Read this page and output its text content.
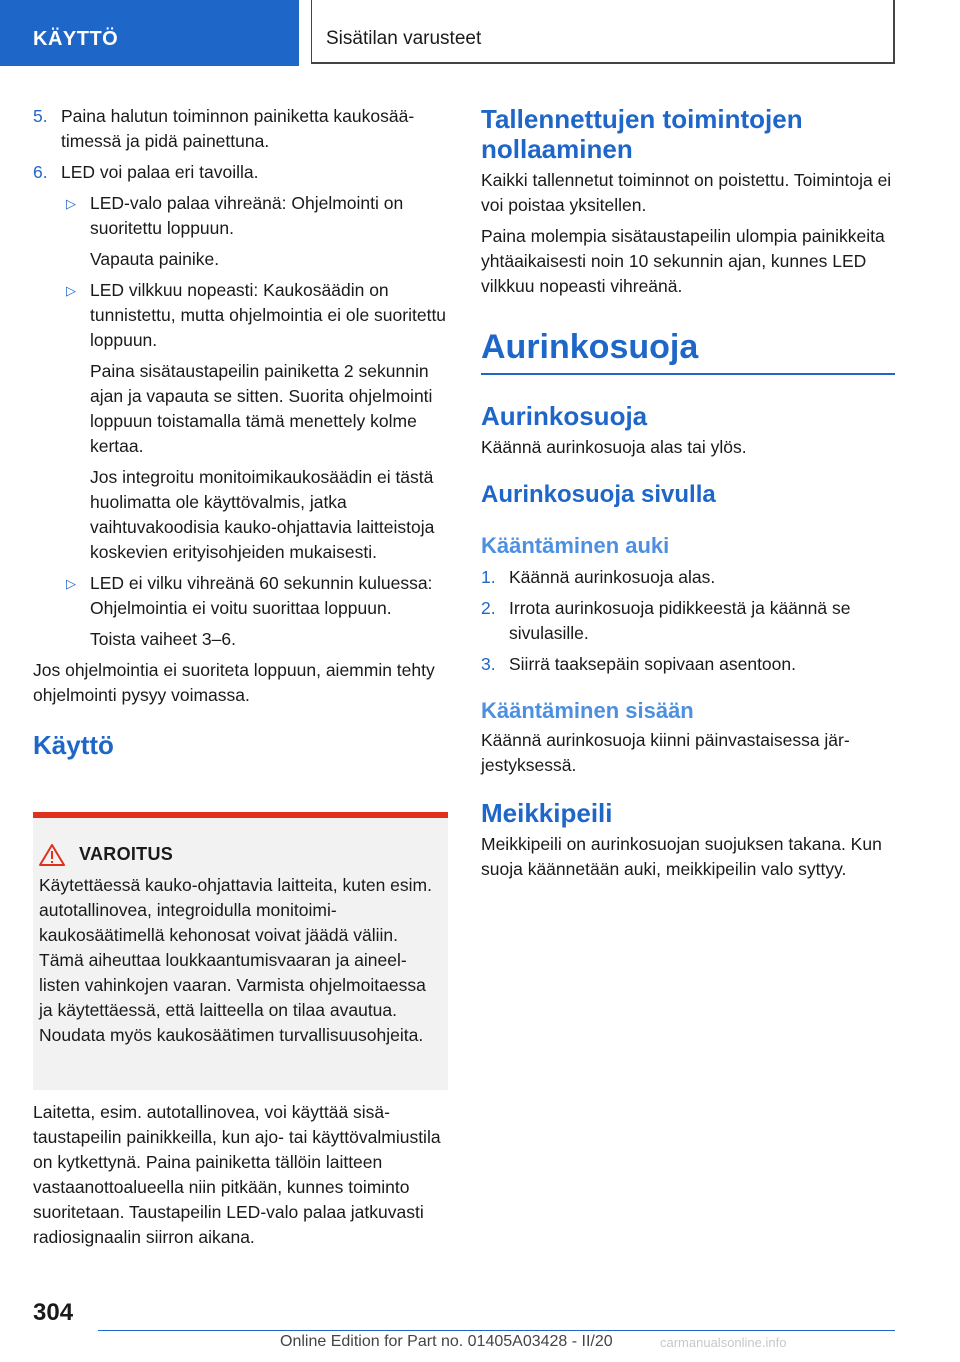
KÄYTTÖ	Sisätilan varusteet
5. Paina halutun toiminnon painiketta kaukosäätimessä ja pidä painettuna.
6. LED voi palaa eri tavoilla.
▷ LED-valo palaa vihreänä: Ohjelmointi on suoritettu loppuun.

Vapauta painike.

▷ LED vilkkuu nopeasti: Kaukosäädin on tunnistettu, mutta ohjelmointia ei ole suoritettu loppuun.

Paina sisätaustapeilin painiketta 2 sekunnin ajan ja vapauta se sitten. Suorita ohjelmointi loppuun toistamalla tämä menettely kolme kertaa.

Jos integroitu monitoimikaukosäädin ei tästä huolimatta ole käyttövalmis, jatka vaihtuvakoodisia kauko-ohjattavia laitteistoja koskevien erityisohjeiden mukaisesti.

▷ LED ei vilku vihreänä 60 sekunnin kuluessa: Ohjelmointia ei voitu suorittaa loppuun.

Toista vaiheet 3–6.

Jos ohjelmointia ei suoriteta loppuun, aiemmin tehty ohjelmointi pysyy voimassa.

Käyttö
VAROITUS
Käytettäessä kauko-ohjattavia laitteita, kuten esim. autotallinovea, integroidulla monitoimikaukosäätimellä kehonosat voivat jäädä väliin. Tämä aiheuttaa loukkaantumisvaaran ja aineellisten vahinkojen vaaran. Varmista ohjelmoitaessa ja käytettäessä, että laitteella on tilaa avautua. Noudata myös kaukosäätimen turvallisuusohjeita.
Laitetta, esim. autotallinovea, voi käyttää sisätaustapeilin painikkeilla, kun ajo- tai käyttövalmiustila on kytkettynä. Paina painiketta tällöin laitteen vastaanottoalueella niin pitkään, kunnes toiminto suoritetaan. Taustapeilin LED-valo palaa jatkuvasti radiosignaalin siirron aikana.
Tallennettujen toimintojen nollaaminen

Kaikki tallennetut toiminnot on poistettu. Toimintoja ei voi poistaa yksitellen.

Paina molempia sisätaustapeilin ulompia painikkeita yhtäaikaisesti noin 10 sekunnin ajan, kunnes LED vilkkuu nopeasti vihreänä.

Aurinkosuoja
Aurinkosuoja

Käännä aurinkosuoja alas tai ylös.

Aurinkosuoja sivulla
Kääntäminen auki
1. Käännä aurinkosuoja alas.
2. Irrota aurinkosuoja pidikkeestä ja käännä se sivulasille.
3. Siirrä taaksepäin sopivaan asentoon.
Kääntäminen sisään

Käännä aurinkosuoja kiinni päinvastaisessa järjestyksessä.

Meikkipeili

Meikkipeili on aurinkosuojan suojuksen takana. Kun suoja käännetään auki, meikkipeilin valo syttyy.

304
Online Edition for Part no. 01405A03428 - II/20	carmanualsonline.info
